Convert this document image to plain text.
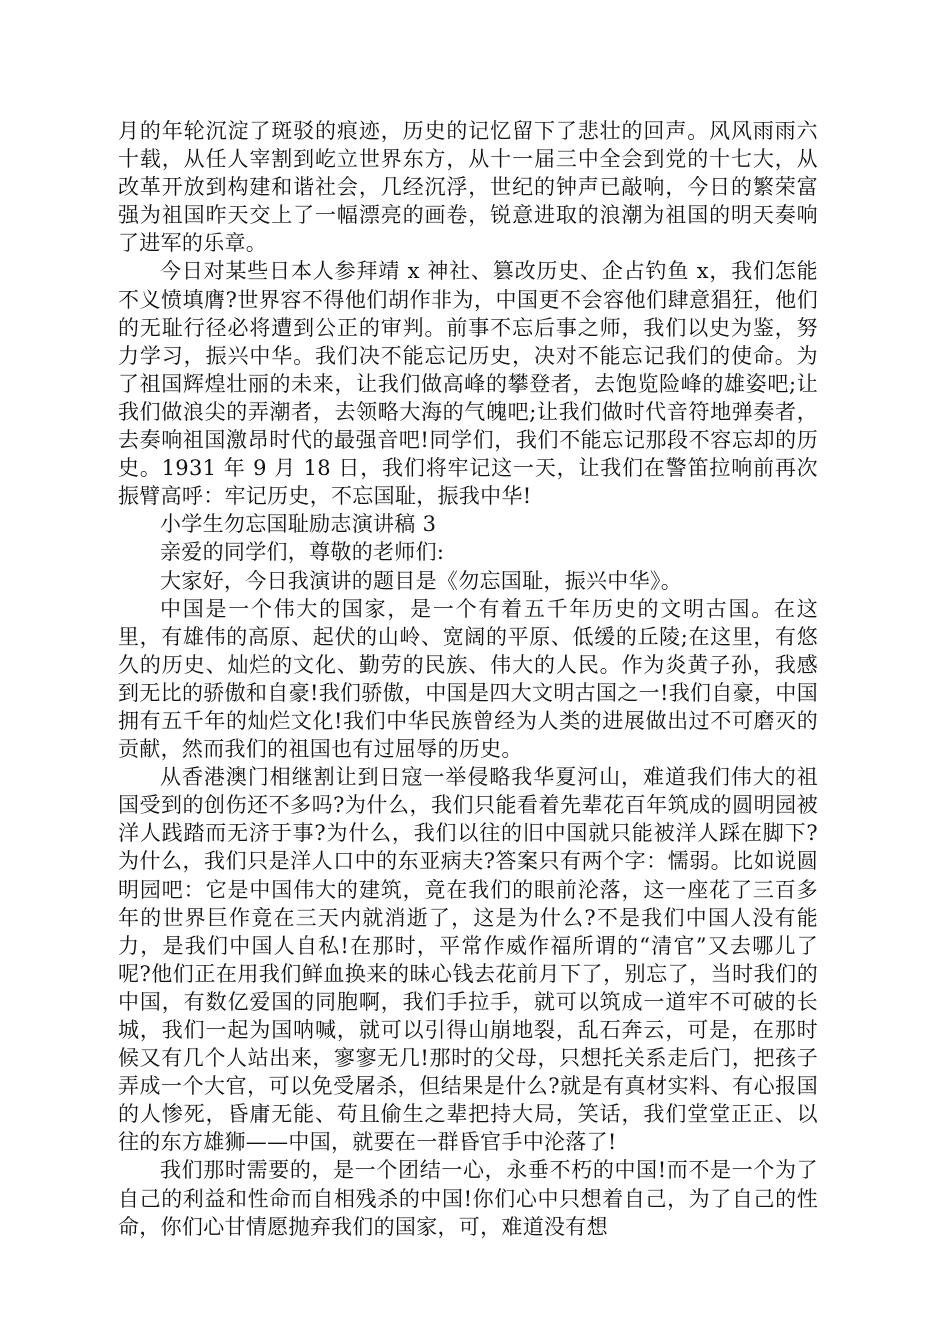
月的年轮沉淀了斑驳的痕迹，历史的记忆留下了悲壮的回声。风风雨雨六十载，从任人宰割到屹立世界东方，从十一届三中全会到党的十七大，从改革开放到构建和谐社会，几经沉浮，世纪的钟声已敲响，今日的繁荣富强为祖国昨天交上了一幅漂亮的画卷，锐意进取的浪潮为祖国的明天奏响了进军的乐章。

今日对某些日本人参拜靖 x 神社、篡改历史、企占钓鱼 x，我们怎能不义愤填膺?世界容不得他们胡作非为，中国更不会容他们肆意猖狂，他们的无耻行径必将遭到公正的审判。前事不忘后事之师，我们以史为鉴，努力学习，振兴中华。我们决不能忘记历史，决对不能忘记我们的使命。为了祖国辉煌壮丽的未来，让我们做高峰的攀登者，去饱览险峰的雄姿吧;让我们做浪尖的弄潮者，去领略大海的气魄吧;让我们做时代音符地弹奏者，去奏响祖国激昂时代的最强音吧!同学们，我们不能忘记那段不容忘却的历史。1931 年 9 月 18 日，我们将牢记这一天，让我们在警笛拉响前再次振臂高呼：牢记历史，不忘国耻，振我中华!

小学生勿忘国耻励志演讲稿 3

亲爱的同学们，尊敬的老师们:

大家好，今日我演讲的题目是《勿忘国耻，振兴中华》。

中国是一个伟大的国家，是一个有着五千年历史的文明古国。在这里，有雄伟的高原、起伏的山岭、宽阔的平原、低缓的丘陵;在这里，有悠久的历史、灿烂的文化、勤劳的民族、伟大的人民。作为炎黄子孙，我感到无比的骄傲和自豪!我们骄傲，中国是四大文明古国之一!我们自豪，中国拥有五千年的灿烂文化!我们中华民族曾经为人类的进展做出过不可磨灭的贡献，然而我们的祖国也有过屈辱的历史。

从香港澳门相继割让到日寇一举侵略我华夏河山，难道我们伟大的祖国受到的创伤还不多吗?为什么，我们只能看着先辈花百年筑成的圆明园被洋人践踏而无济于事?为什么，我们以往的旧中国就只能被洋人踩在脚下?为什么，我们只是洋人口中的东亚病夫?答案只有两个字：懦弱。比如说圆明园吧：它是中国伟大的建筑，竟在我们的眼前沦落，这一座花了三百多年的世界巨作竟在三天内就消逝了，这是为什么?不是我们中国人没有能力，是我们中国人自私!在那时，平常作威作福所谓的“清官”又去哪儿了呢?他们正在用我们鲜血换来的昧心钱去花前月下了，别忘了，当时我们的中国，有数亿爱国的同胞啊，我们手拉手，就可以筑成一道牢不可破的长城，我们一起为国呐喊，就可以引得山崩地裂，乱石奔云，可是，在那时候又有几个人站出来，寥寥无几!那时的父母，只想托关系走后门，把孩子弄成一个大官，可以免受屠杀，但结果是什么?就是有真材实料、有心报国的人惨死，昏庸无能、苟且偷生之辈把持大局，笑话，我们堂堂正正、以往的东方雄狮——中国，就要在一群昏官手中沦落了!

我们那时需要的，是一个团结一心，永垂不朽的中国!而不是一个为了自己的利益和性命而自相残杀的中国!你们心中只想着自己，为了自己的性命，你们心甘情愿抛弃我们的国家，可，难道没有想
